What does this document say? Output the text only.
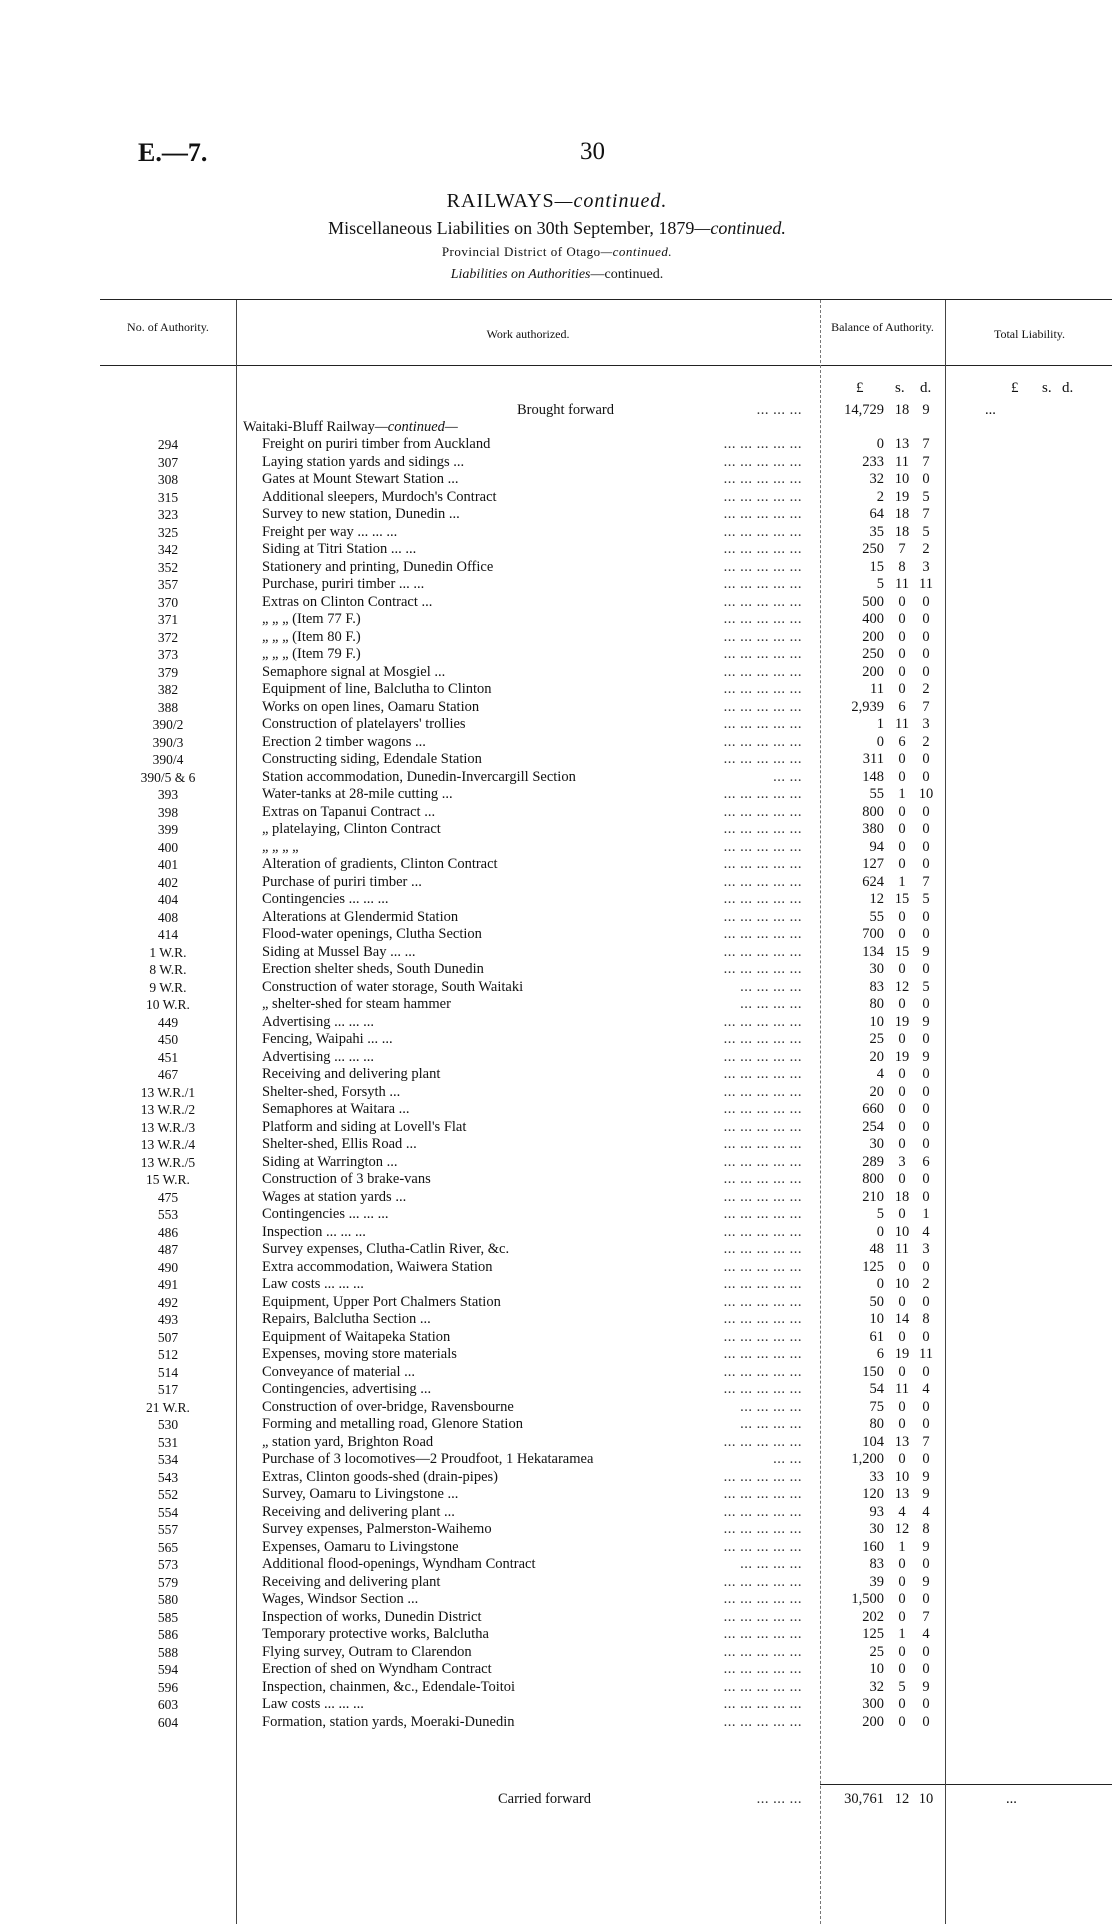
E.—7.	30
RAILWAYS—continued.
Miscellaneous Liabilities on 30th September, 1879—continued.
Provincial District of Otago—continued.
Liabilities on Authorities—continued.
No. of Authority.	Work authorized.	Balance of Authority.	Total Liability.
£ s. d.	£ s. d.
Brought forward	... ... ...	14,729 18 9	...
Waitaki-Bluff Railway—continued—
294	Freight on puriri timber from Auckland	... ... ... ... ...	0 13 7
307	Laying station yards and sidings ...	... ... ... ... ...	233 11 7
308	Gates at Mount Stewart Station ...	... ... ... ... ...	32 10 0
315	Additional sleepers, Murdoch's Contract	... ... ... ... ...	2 19 5
323	Survey to new station, Dunedin ...	... ... ... ... ...	64 18 7
325	Freight per way ... ... ...	... ... ... ... ...	35 18 5
342	Siding at Titri Station ... ...	... ... ... ... ...	250 7	2
352	Stationery and printing, Dunedin Office	... ... ... ... ...	15 8	3
357	Purchase, puriri timber ... ...	... ... ... ... ...	5 11 11
370	Extras on Clinton Contract ...	... ... ... ... ...	500 0	0
371	„ „ „ (Item 77 F.)	... ... ... ... ...	400 0	0
372	„ „ „ (Item 80 F.)	... ... ... ... ...	200 0	0
373	„ „ „ (Item 79 F.)	... ... ... ... ...	250 0	0
379	Semaphore signal at Mosgiel ...	... ... ... ... ...	200 0	0
382	Equipment of line, Balclutha to Clinton	... ... ... ... ...	11 0	2
388	Works on open lines, Oamaru Station	... ... ... ... ...	2,939 6	7
390/2	Construction of platelayers' trollies	... ... ... ... ...	1 11 3
390/3	Erection 2 timber wagons ...	... ... ... ... ...	0 6	2
390/4	Constructing siding, Edendale Station	... ... ... ... ...	311 0	0
390/5 & 6	Station accommodation, Dunedin-Invercargill Section	... ...	148 0	0
393	Water-tanks at 28-mile cutting ...	... ... ... ... ...	55 1 10
398	Extras on Tapanui Contract ...	... ... ... ... ...	800 0	0
399	„ platelaying, Clinton Contract	... ... ... ... ...	380 0	0
400	„ „ „ „	... ... ... ... ...	94 0	0
401	Alteration of gradients, Clinton Contract	... ... ... ... ...	127 0	0
402	Purchase of puriri timber ...	... ... ... ... ...	624 1	7
404	Contingencies ... ... ...	... ... ... ... ...	12 15 5
408	Alterations at Glendermid Station	... ... ... ... ...	55 0	0
414	Flood-water openings, Clutha Section	... ... ... ... ...	700 0	0
1 W.R.	Siding at Mussel Bay ... ...	... ... ... ... ...	134 15 9
8 W.R.	Erection shelter sheds, South Dunedin	... ... ... ... ...	30 0	0
9 W.R.	Construction of water storage, South Waitaki	... ... ... ...	83 12 5
10 W.R.	„ shelter-shed for steam hammer	... ... ... ...	80 0	0
449	Advertising ... ... ...	... ... ... ... ...	10 19 9
450	Fencing, Waipahi ... ...	... ... ... ... ...	25 0	0
451	Advertising ... ... ...	... ... ... ... ...	20 19 9
467	Receiving and delivering plant	... ... ... ... ...	4 0	0
13 W.R./1	Shelter-shed, Forsyth ...	... ... ... ... ...	20 0	0
13 W.R./2	Semaphores at Waitara ...	... ... ... ... ...	660 0	0
13 W.R./3	Platform and siding at Lovell's Flat	... ... ... ... ...	254 0	0
13 W.R./4	Shelter-shed, Ellis Road ...	... ... ... ... ...	30 0	0
13 W.R./5	Siding at Warrington ...	... ... ... ... ...	289 3	6
15 W.R.	Construction of 3 brake-vans	... ... ... ... ...	800 0	0
475	Wages at station yards ...	... ... ... ... ...	210 18 0
553	Contingencies ... ... ...	... ... ... ... ...	5 0	1
486	Inspection ... ... ...	... ... ... ... ...	0 10 4
487	Survey expenses, Clutha-Catlin River, &c.	... ... ... ... ...	48 11 3
490	Extra accommodation, Waiwera Station	... ... ... ... ...	125 0	0
491	Law costs ... ... ...	... ... ... ... ...	0 10 2
492	Equipment, Upper Port Chalmers Station	... ... ... ... ...	50 0	0
493	Repairs, Balclutha Section ...	... ... ... ... ...	10 14 8
507	Equipment of Waitapeka Station	... ... ... ... ...	61 0	0
512	Expenses, moving store materials	... ... ... ... ...	6 19 11
514	Conveyance of material ...	... ... ... ... ...	150 0	0
517	Contingencies, advertising ...	... ... ... ... ...	54 11 4
21 W.R.	Construction of over-bridge, Ravensbourne	... ... ... ...	75 0	0
530	Forming and metalling road, Glenore Station	... ... ... ...	80 0	0
531	„ station yard, Brighton Road	... ... ... ... ...	104 13 7
534	Purchase of 3 locomotives—2 Proudfoot, 1 Hekataramea	... ...	1,200 0	0
543	Extras, Clinton goods-shed (drain-pipes)	... ... ... ... ...	33 10 9
552	Survey, Oamaru to Livingstone ...	... ... ... ... ...	120 13 9
554	Receiving and delivering plant ...	... ... ... ... ...	93 4	4
557	Survey expenses, Palmerston-Waihemo	... ... ... ... ...	30 12 8
565	Expenses, Oamaru to Livingstone	... ... ... ... ...	160 1	9
573	Additional flood-openings, Wyndham Contract	... ... ... ...	83 0	0
579	Receiving and delivering plant	... ... ... ... ...	39 0	9
580	Wages, Windsor Section ...	... ... ... ... ...	1,500 0	0
585	Inspection of works, Dunedin District	... ... ... ... ...	202 0	7
586	Temporary protective works, Balclutha	... ... ... ... ...	125 1	4
588	Flying survey, Outram to Clarendon	... ... ... ... ...	25 0	0
594	Erection of shed on Wyndham Contract	... ... ... ... ...	10 0	0
596	Inspection, chainmen, &c., Edendale-Toitoi	... ... ... ... ...	32 5	9
603	Law costs ... ... ...	... ... ... ... ...	300 0	0
604	Formation, station yards, Moeraki-Dunedin	... ... ... ... ...	200 0	0
Carried forward	... ... ...	30,761 12 10	...
